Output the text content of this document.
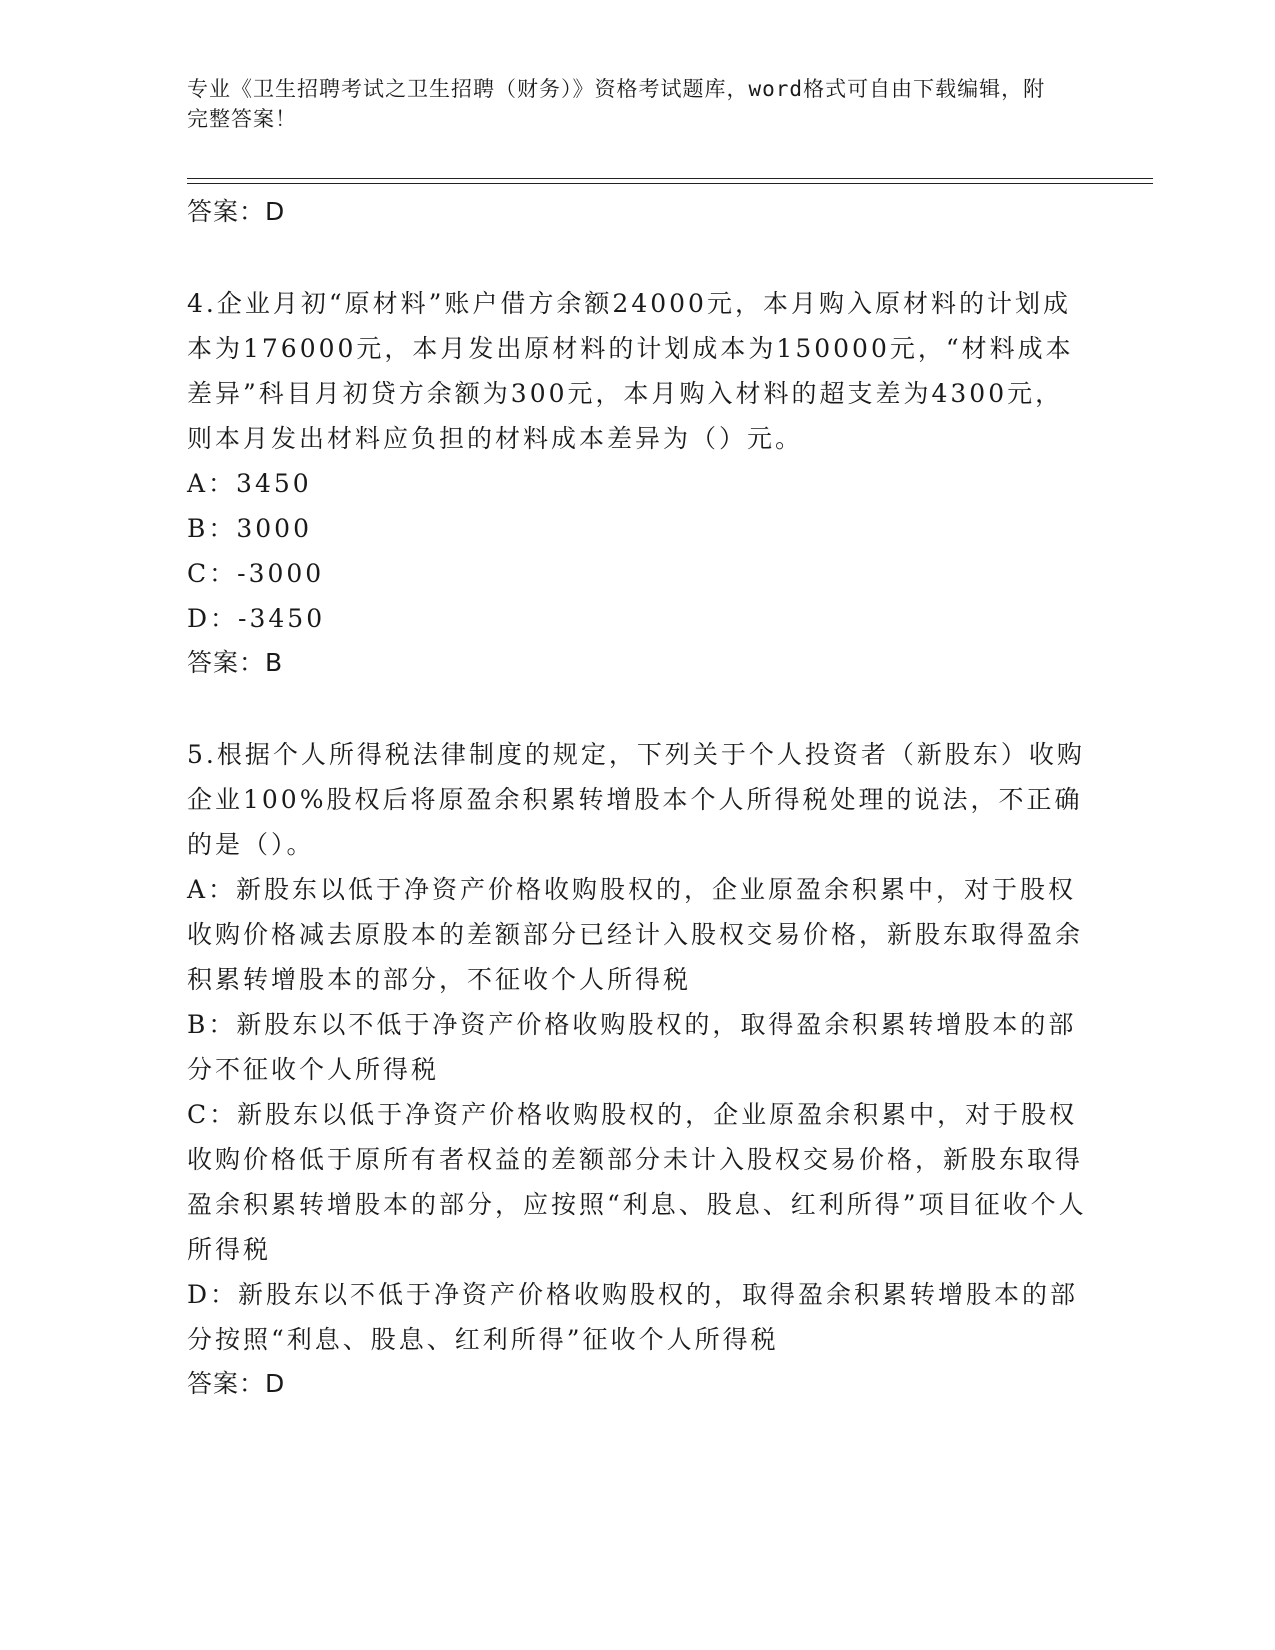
专业《卫生招聘考试之卫生招聘（财务）》资格考试题库，word格式可自由下载编辑，附完整答案！
答案：D
4.企业月初“原材料”账户借方余额24000元，本月购入原材料的计划成本为176000元，本月发出原材料的计划成本为150000元，“材料成本差异”科目月初贷方余额为300元，本月购入材料的超支差为4300元，则本月发出材料应负担的材料成本差异为（）元。
A：3450
B：3000
C：-3000
D：-3450
答案：B
5.根据个人所得税法律制度的规定，下列关于个人投资者（新股东）收购企业100%股权后将原盈余积累转增股本个人所得税处理的说法，不正确的是（）。
A：新股东以低于净资产价格收购股权的，企业原盈余积累中，对于股权收购价格减去原股本的差额部分已经计入股权交易价格，新股东取得盈余积累转增股本的部分，不征收个人所得税
B：新股东以不低于净资产价格收购股权的，取得盈余积累转增股本的部分不征收个人所得税
C：新股东以低于净资产价格收购股权的，企业原盈余积累中，对于股权收购价格低于原所有者权益的差额部分未计入股权交易价格，新股东取得盈余积累转增股本的部分，应按照“利息、股息、红利所得”项目征收个人所得税
D：新股东以不低于净资产价格收购股权的，取得盈余积累转增股本的部分按照“利息、股息、红利所得”征收个人所得税
答案：D
